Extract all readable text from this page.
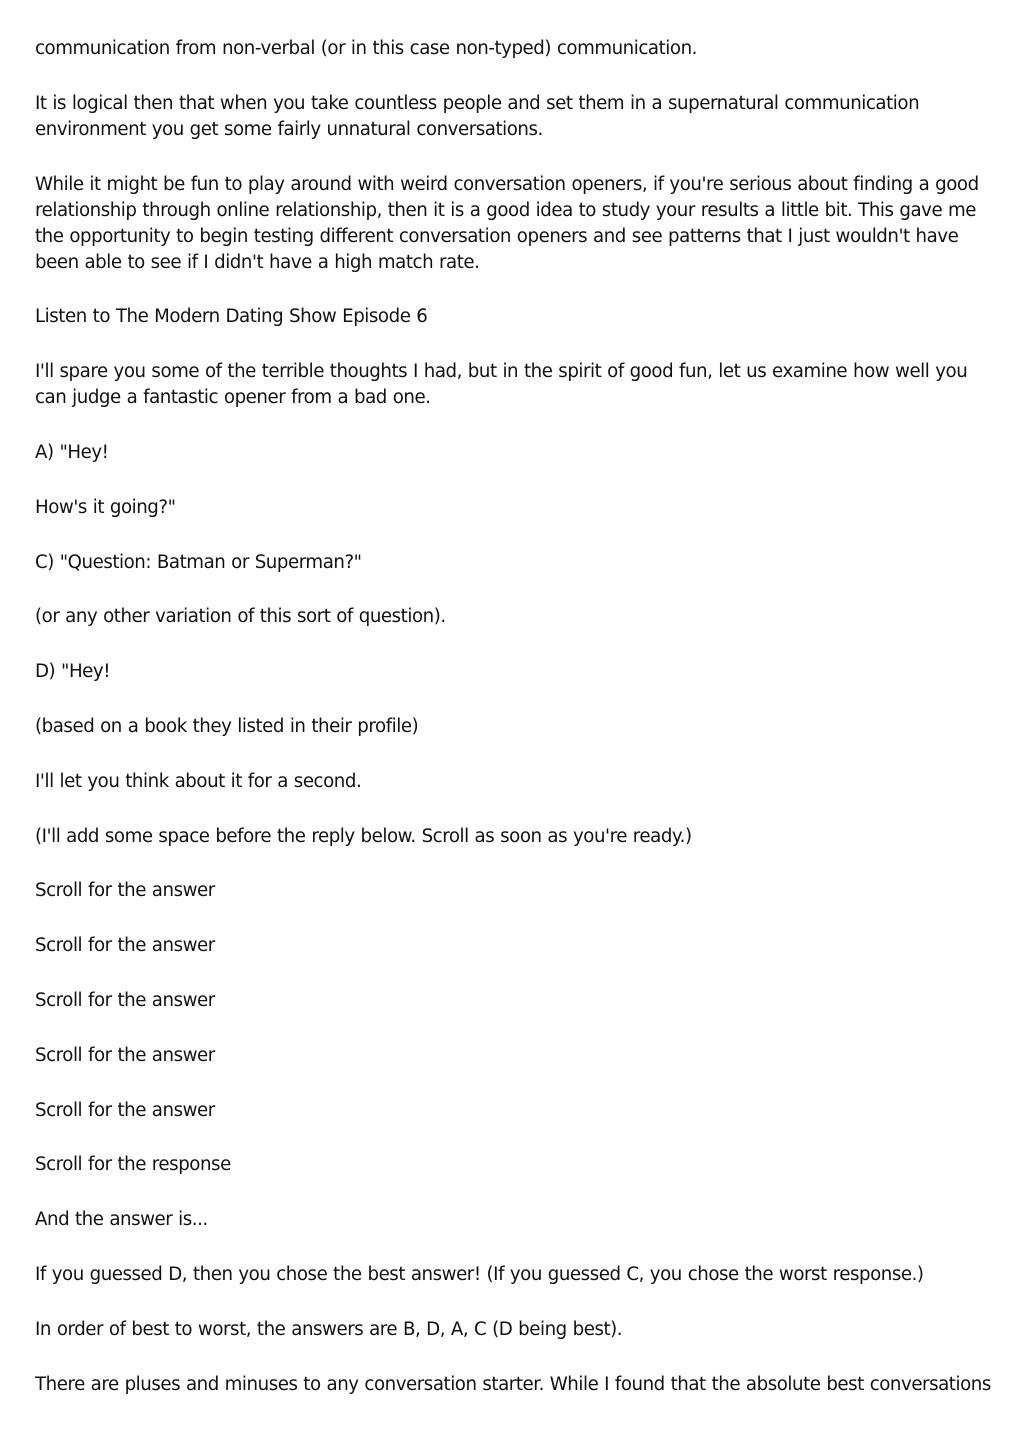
communication from non-verbal (or in this case non-typed) communication.

It is logical then that when you take countless people and set them in a supernatural communication environment you get some fairly unnatural conversations.

While it might be fun to play around with weird conversation openers, if you're serious about finding a good relationship through online relationship, then it is a good idea to study your results a little bit. This gave me the opportunity to begin testing different conversation openers and see patterns that I just wouldn't have been able to see if I didn't have a high match rate.

Listen to The Modern Dating Show Episode 6

I'll spare you some of the terrible thoughts I had, but in the spirit of good fun, let us examine how well you can judge a fantastic opener from a bad one.

A) "Hey!

How's it going?"

C) "Question: Batman or Superman?"

(or any other variation of this sort of question).

D) "Hey!

(based on a book they listed in their profile)

I'll let you think about it for a second.

(I'll add some space before the reply below. Scroll as soon as you're ready.)

Scroll for the answer

Scroll for the answer

Scroll for the answer

Scroll for the answer

Scroll for the answer

Scroll for the response

And the answer is...

If you guessed D, then you chose the best answer! (If you guessed C, you chose the worst response.)

In order of best to worst, the answers are B, D, A, C (D being best).

There are pluses and minuses to any conversation starter. While I found that the absolute best conversations
